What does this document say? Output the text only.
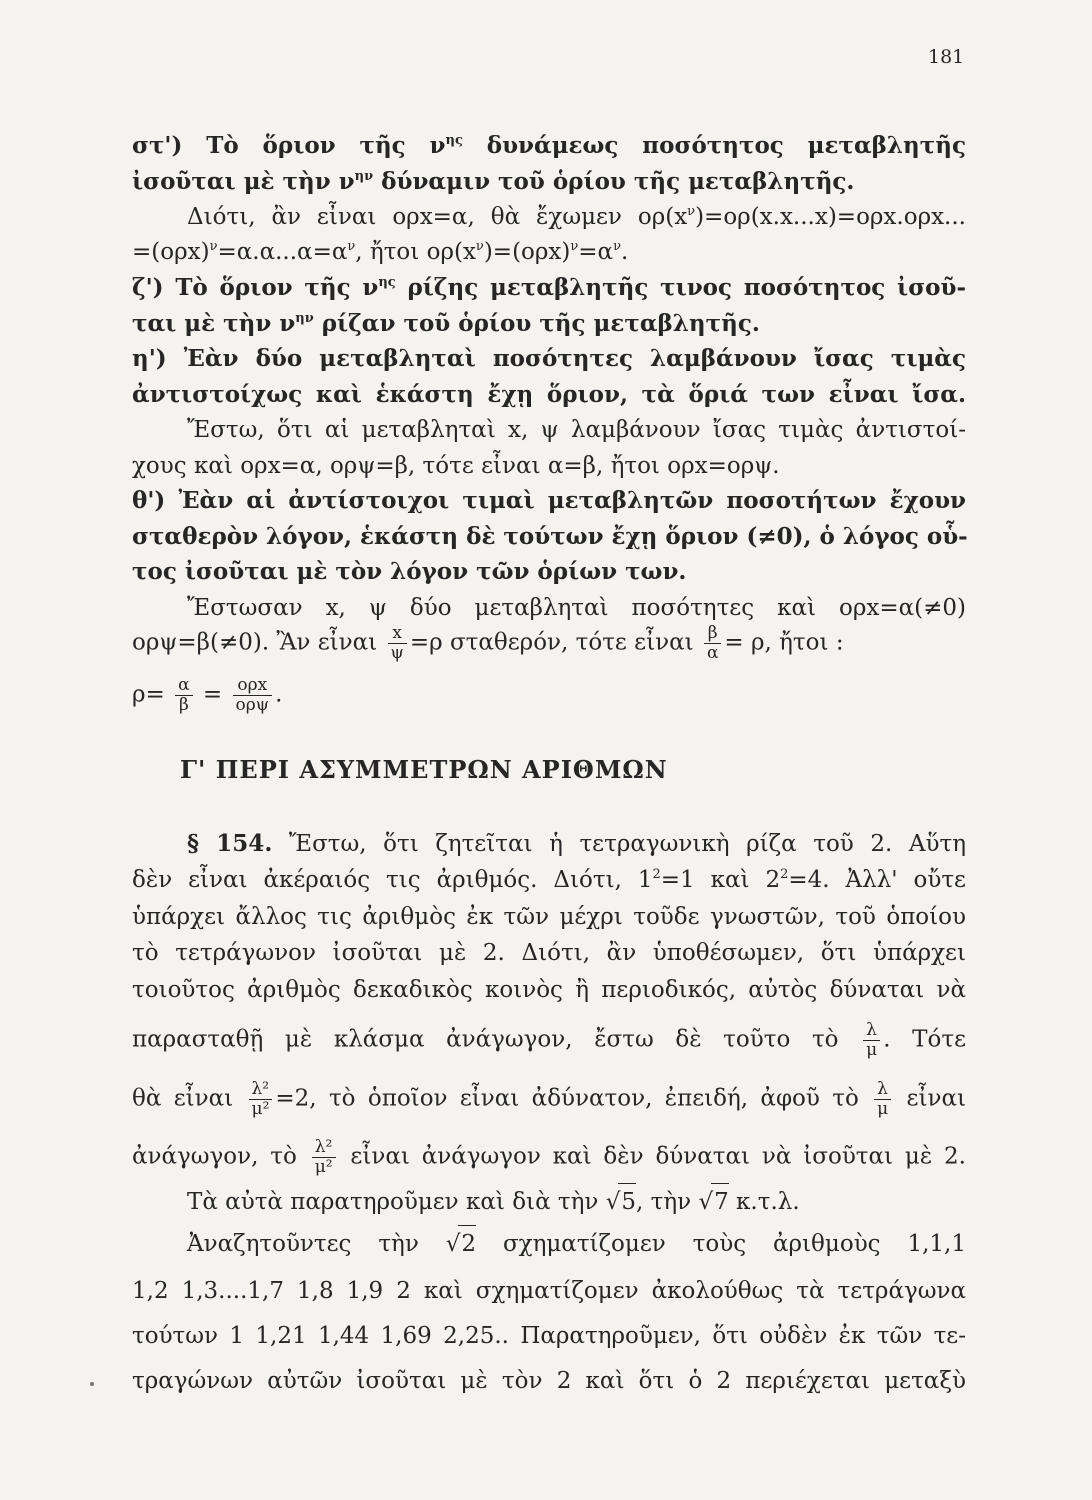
181
στ') Τὸ ὅριον τῆς $\nu^{\eta\varsigma}$ δυνάμεως ποσότητος μεταβλητῆς
ἰσοῦται μὲ τὴν $\nu^{\eta\nu}$ δύναμιν τοῦ ὁρίου τῆς μεταβλητῆς.
Διότι, ἂν εἶναι ορx=α, θὰ ἔχωμεν $o\rho(x^\nu)=o\rho(x.x...x)=o\rho x.o\rho x$...
$=(o\rho x)^\nu=\alpha.\alpha...\alpha=\alpha^\nu$, ἤτοι $o\rho(x^\nu)=(o\rho x)^\nu=\alpha^\nu$.
ζ') Τὸ ὅριον τῆς $\nu^{\eta\varsigma}$ ρίζης μεταβλητῆς τινος ποσότητος ἰσοῦ-
ται μὲ τὴν $\nu^{\eta\nu}$ ρίζαν τοῦ ὁρίου τῆς μεταβλητῆς.
η') Ἐὰν δύο μεταβληταὶ ποσότητες λαμβάνουν ἴσας τιμὰς
ἀντιστοίχως καὶ ἑκάστη ἔχῃ ὅριον, τὰ ὅριά των εἶναι ἴσα.
Ἔστω, ὅτι αἱ μεταβληταὶ x, ψ λαμβάνουν ἴσας τιμὰς ἀντιστοί-
χους καὶ ορx=α, ορψ=β, τότε εἶναι α=β, ἤτοι ορx=ορψ.
θ') Ἐὰν αἱ ἀντίστοιχοι τιμαὶ μεταβλητῶν ποσοτήτων ἔχουν
σταθερὸν λόγον, ἑκάστη δὲ τούτων ἔχῃ ὅριον (≠0), ὁ λόγος οὗ-
τος ἰσοῦται μὲ τὸν λόγον τῶν ὁρίων των.
Ἔστωσαν x, ψ δύο μεταβληταὶ ποσότητες καὶ ορx=α(≠0)
ορψ=β(≠0). Ἂν εἶναι $\frac{x}{\psi} =\rho$ σταθερόν, τότε εἶναι $\frac{\beta}{\alpha} = \rho$, ἤτοι :
$\rho= \frac{\alpha}{\beta} = \frac{\text{ορx}}{\text{ορψ}}$ .
Γ' ΠΕΡΙ ΑΣΥΜΜΕΤΡΩΝ ΑΡΙΘΜΩΝ
§ 154. Ἔστω, ὅτι ζητεῖται ἡ τετραγωνικὴ ρίζα τοῦ 2. Αὕτη
δὲν εἶναι ἀκέραιός τις ἀριθμός. Διότι, $1^2=1$ καὶ $2^2=4$. Ἀλλ' οὔτε
ὑπάρχει ἄλλος τις ἀριθμὸς ἐκ τῶν μέχρι τοῦδε γνωστῶν, τοῦ ὁποίου
τὸ τετράγωνον ἰσοῦται μὲ 2. Διότι, ἂν ὑποθέσωμεν, ὅτι ὑπάρχει
τοιοῦτος ἀριθμὸς δεκαδικὸς κοινὸς ἢ περιοδικός, αὐτὸς δύναται νὰ
παρασταθῇ μὲ κλάσμα ἀνάγωγον, ἔστω δὲ τοῦτο τὸ $\frac{\lambda}{\mu}$ . Τότε
θὰ εἶναι $\frac{\text{λ²}}{\text{μ²}} =2$, τὸ ὁποῖον εἶναι ἀδύνατον, ἐπειδή, ἀφοῦ τὸ $\frac{\lambda}{\mu}$ εἶναι
ἀνάγωγον, τὸ $\frac{\text{λ²}}{\text{μ²}}$ εἶναι ἀνάγωγον καὶ δὲν δύναται νὰ ἰσοῦται μὲ 2.
Τὰ αὐτὰ παρατηροῦμεν καὶ διὰ τὴν √5, τὴν √7 κ.τ.λ.
Ἀναζητοῦντες τὴν √2 σχηματίζομεν τοὺς ἀριθμοὺς 1,1,1
1,2 1,3....1,7 1,8 1,9 2 καὶ σχηματίζομεν ἀκολούθως τὰ τετράγωνα
τούτων 1 1,21 1,44 1,69 2,25.. Παρατηροῦμεν, ὅτι οὐδὲν ἐκ τῶν τε-
τραγώνων αὐτῶν ἰσοῦται μὲ τὸν 2 καὶ ὅτι ὁ 2 περιέχεται μεταξὺ
